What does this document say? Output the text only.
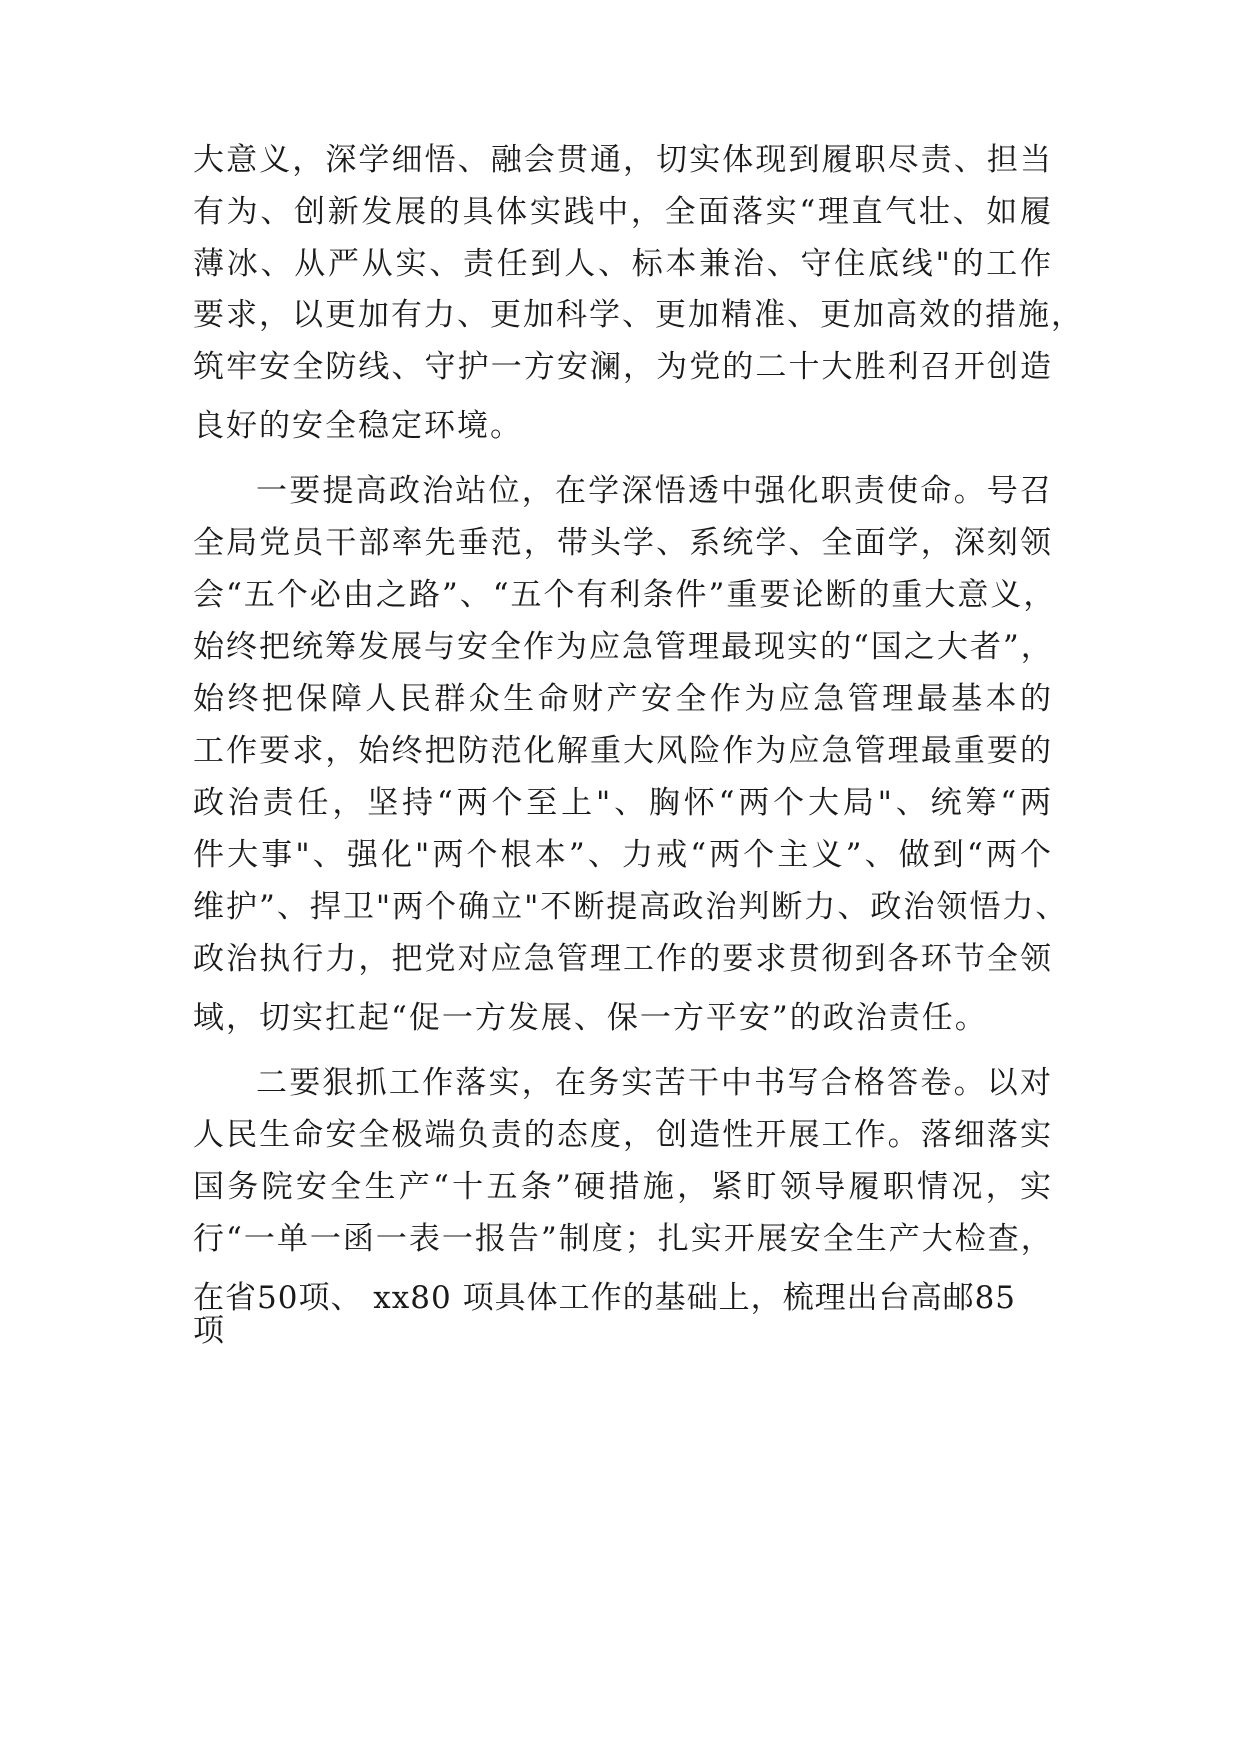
大意义，深学细悟、融会贯通，切实体现到履职尽责、担当
有为、创新发展的具体实践中，全面落实“理直气壮、如履
薄冰、从严从实、责任到人、标本兼治、守住底线"的工作
要求，以更加有力、更加科学、更加精准、更加高效的措施，
筑牢安全防线、守护一方安澜，为党的二十大胜利召开创造
良好的安全稳定环境。
一要提高政治站位，在学深悟透中强化职责使命。号召
全局党员干部率先垂范，带头学、系统学、全面学，深刻领
会“五个必由之路”、“五个有利条件”重要论断的重大意义，
始终把统筹发展与安全作为应急管理最现实的“国之大者”，
始终把保障人民群众生命财产安全作为应急管理最基本的
工作要求，始终把防范化解重大风险作为应急管理最重要的
政治责任，坚持“两个至上"、胸怀“两个大局"、统筹“两
件大事"、强化"两个根本”、力戒“两个主义”、做到“两个
维护”、捍卫"两个确立"不断提高政治判断力、政治领悟力、
政治执行力，把党对应急管理工作的要求贯彻到各环节全领
域，切实扛起“促一方发展、保一方平安”的政治责任。
二要狠抓工作落实，在务实苦干中书写合格答卷。以对
人民生命安全极端负责的态度，创造性开展工作。落细落实
国务院安全生产“十五条”硬措施，紧盯领导履职情况，实
行“一单一函一表一报告”制度；扎实开展安全生产大检查，
在省50项、 xx80 项具体工作的基础上，梳理出台高邮85
项
